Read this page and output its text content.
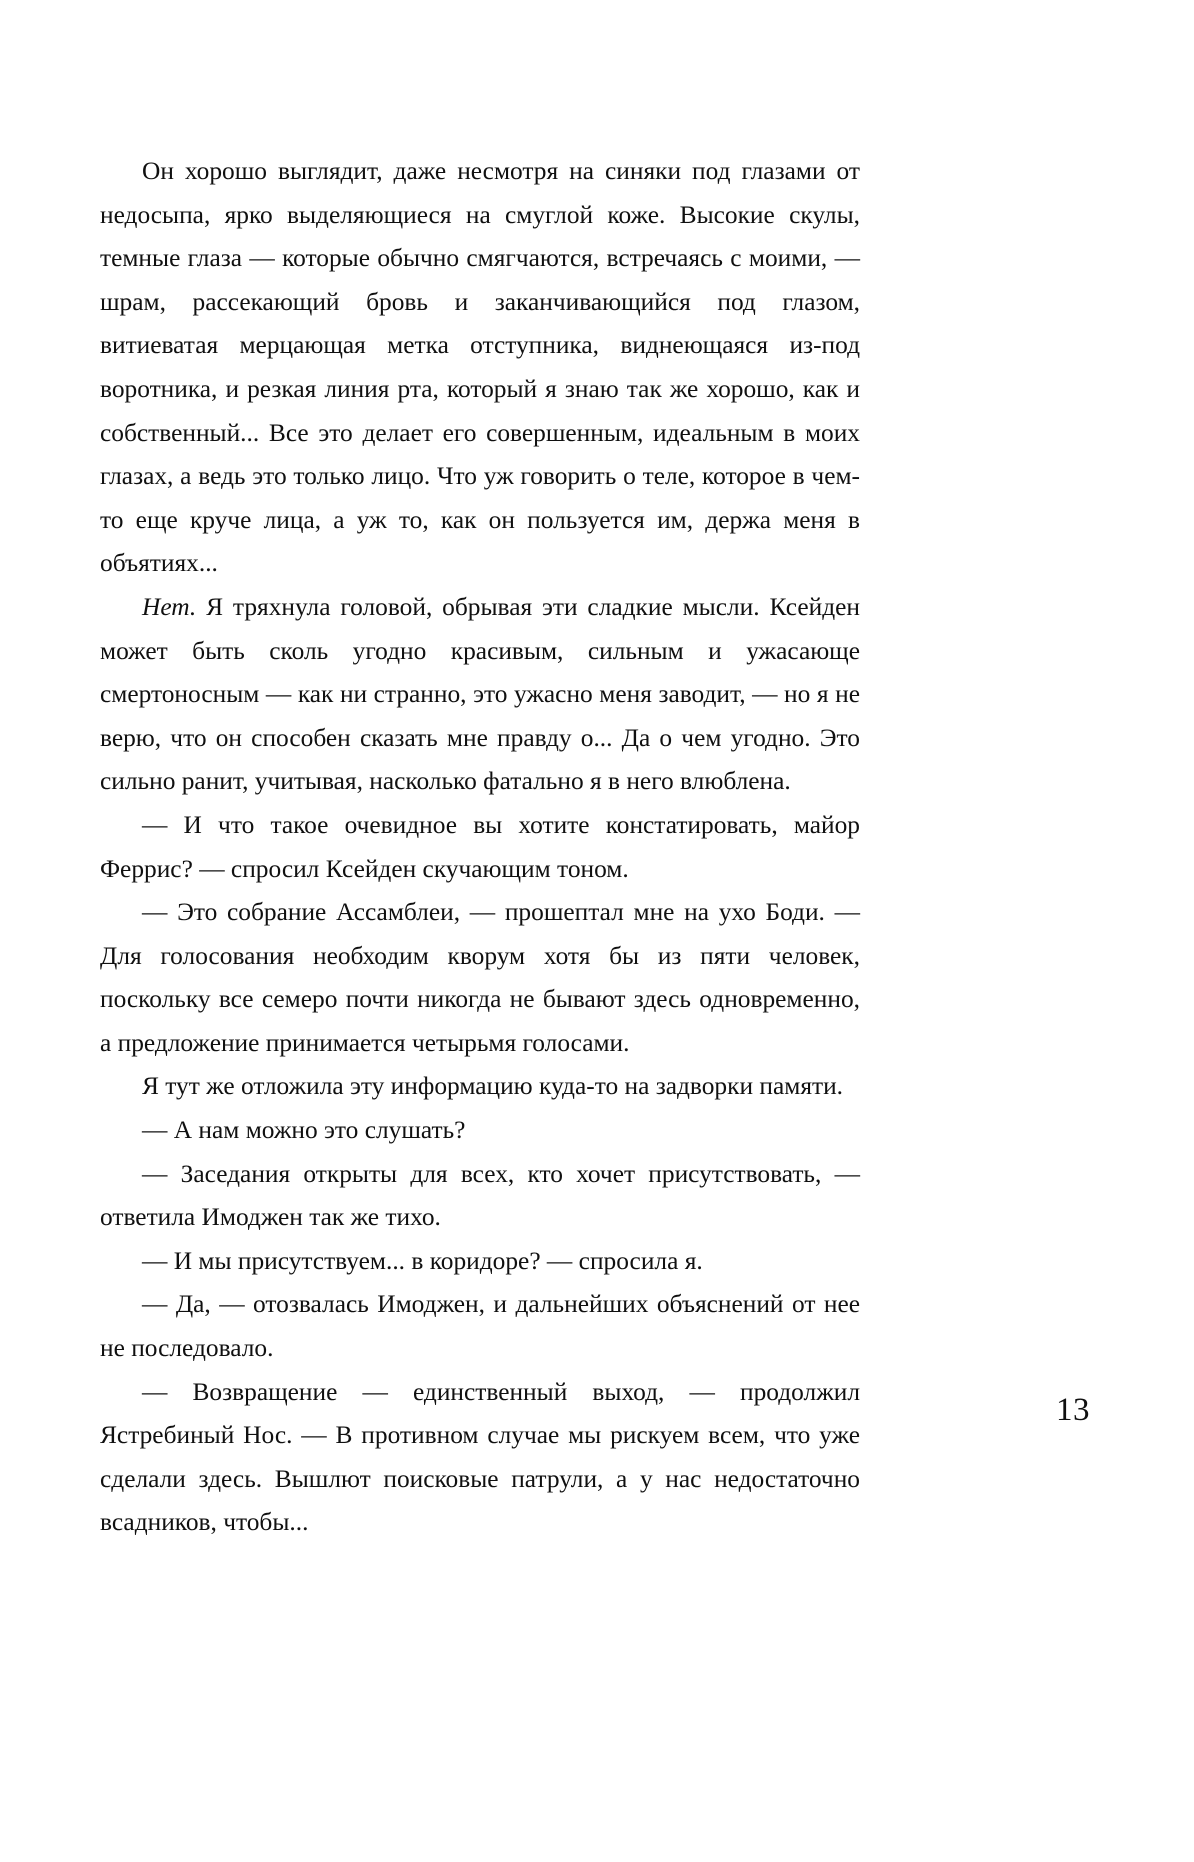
Он хорошо выглядит, даже несмотря на синяки под глазами от недосыпа, ярко выделяющиеся на смуглой коже. Высокие скулы, темные глаза — которые обычно смягчаются, встречаясь с моими, — шрам, рассекающий бровь и заканчивающийся под глазом, витиеватая мерцающая метка отступника, виднеющаяся из-под воротника, и резкая линия рта, который я знаю так же хорошо, как и собственный... Все это делает его совершенным, идеальным в моих глазах, а ведь это только лицо. Что уж говорить о теле, которое в чем-то еще круче лица, а уж то, как он пользуется им, держа меня в объятиях...

Нет. Я тряхнула головой, обрывая эти сладкие мысли. Ксейден может быть сколь угодно красивым, сильным и ужасающе смертоносным — как ни странно, это ужасно меня заводит, — но я не верю, что он способен сказать мне правду о... Да о чем угодно. Это сильно ранит, учитывая, насколько фатально я в него влюблена.

— И что такое очевидное вы хотите констатировать, майор Феррис? — спросил Ксейден скучающим тоном.

— Это собрание Ассамблеи, — прошептал мне на ухо Боди. — Для голосования необходим кворум хотя бы из пяти человек, поскольку все семеро почти никогда не бывают здесь одновременно, а предложение принимается четырьмя голосами.

Я тут же отложила эту информацию куда-то на задворки памяти.

— А нам можно это слушать?

— Заседания открыты для всех, кто хочет присутствовать, — ответила Имоджен так же тихо.

— И мы присутствуем... в коридоре? — спросила я.

— Да, — отозвалась Имоджен, и дальнейших объяснений от нее не последовало.

— Возвращение — единственный выход, — продолжил Ястребиный Нос. — В противном случае мы рискуем всем, что уже сделали здесь. Вышлют поисковые патрули, а у нас недостаточно всадников, чтобы...

13
